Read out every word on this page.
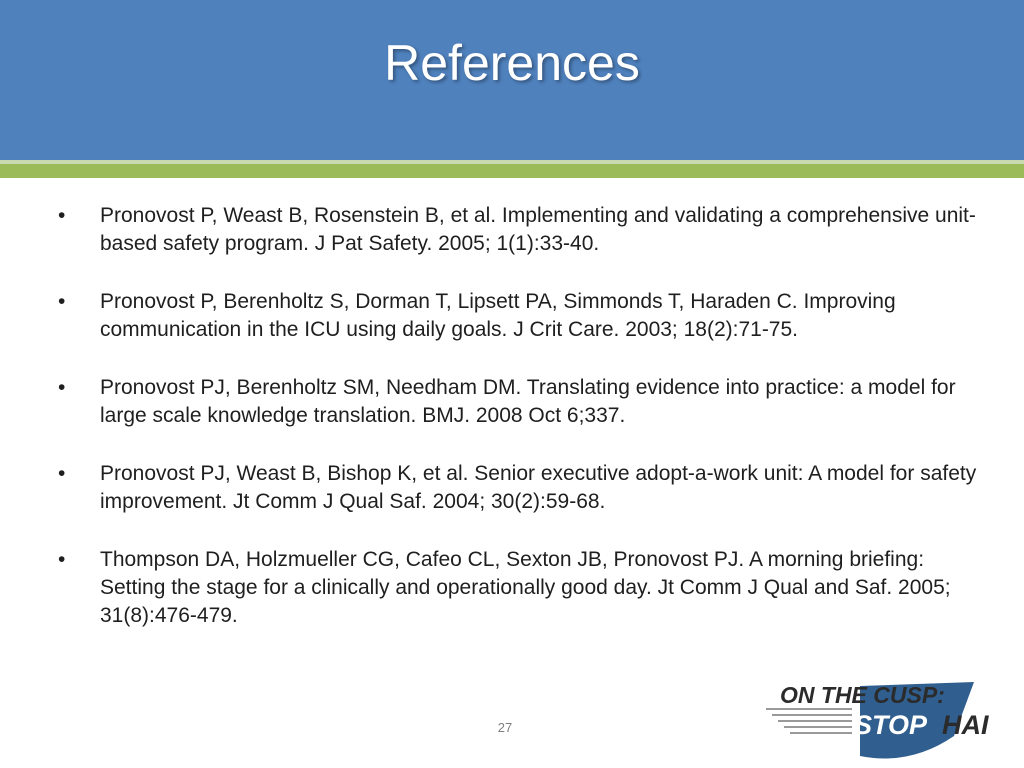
References
• Pronovost P, Weast B, Rosenstein B, et al. Implementing and validating a comprehensive unit-based safety program. J Pat Safety. 2005; 1(1):33-40.
• Pronovost P, Berenholtz S, Dorman T, Lipsett PA, Simmonds T, Haraden C. Improving communication in the ICU using daily goals. J Crit Care. 2003; 18(2):71-75.
• Pronovost PJ, Berenholtz SM, Needham DM. Translating evidence into practice: a model for large scale knowledge translation. BMJ. 2008 Oct 6;337.
• Pronovost PJ, Weast B, Bishop K, et al. Senior executive adopt-a-work unit: A model for safety improvement. Jt Comm J Qual Saf. 2004; 30(2):59-68.
• Thompson DA, Holzmueller CG, Cafeo CL, Sexton JB, Pronovost PJ. A morning briefing: Setting the stage for a clinically and operationally good day. Jt Comm J Qual and Saf. 2005; 31(8):476-479.
27
ON THE CUSP:
STOP HAI
